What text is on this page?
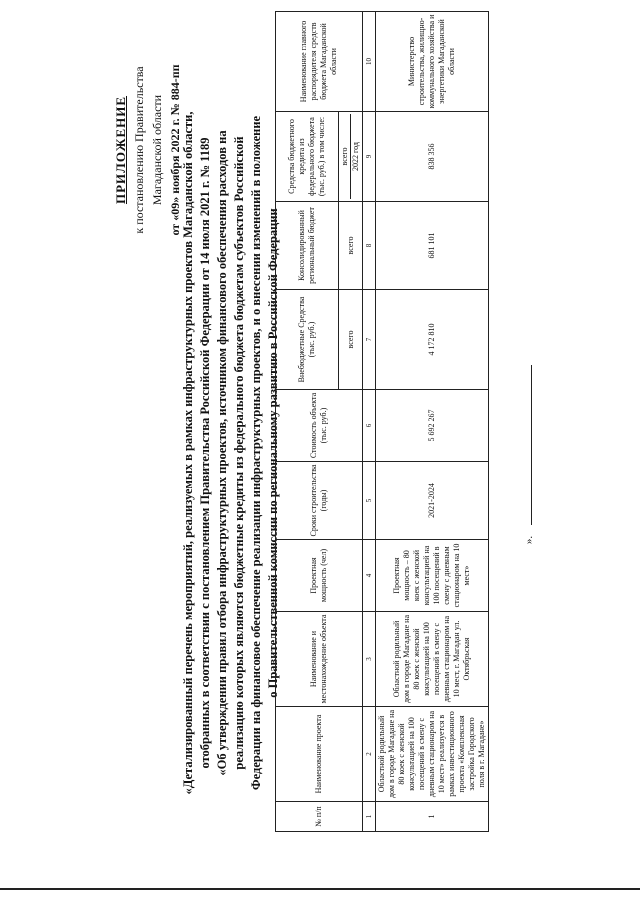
ПРИЛОЖЕНИЕ к постановлению Правительства Магаданской области от «09» ноября 2022 г. № 884-пп «Детализированный перечень мероприятий, реализуемых в рамках инфраструктурных проектов Магаданской области, отобранных в соответствии с постановлением Правительства Российской Федерации от 14 июля 2021 г. № 1189 «Об утверждении правил отбора инфраструктурных проектов, источником финансового обеспечения расходов на реализацию которых являются бюджетные кредиты из федерального бюджета бюджетам субъектов Российской Федерации на финансовое обеспечение реализации инфраструктурных проектов, и о внесении изменений в положение о Правительственной комиссии по региональному развитию в Российской Федерации
№ п/п	Наименование проекта	Наименование и местонахождение объекта	Проектная мощность (чел)	Сроки строительства (годы)	Стоимость объекта (тыс. руб.)	Внебюджетные Средства (тыс. руб.)	Консолидированный региональный бюджет	Средства бюджетного кредита из федерального бюджета (тыс. руб.) в том числе:	Наименование главного распорядителя средств бюджета Магаданской области
						всего	всего	всего 2022 год	

1	2	3	4	5	6	7	8	9	10
1	Областной родильный дом в городе Магадане на 80 коек с женской консультацией на 100 посещений в смену с дневным стационаром на 10 мест» реализуется в рамках инвестиционного проекта «Комплексная застройка Городского поля в г. Магадане»	Областной родильный дом в городе Магадане на 80 коек с женской консультацией на 100 посещений в смену с дневным стационаром на 10 мест, г. Магадан ул. Октябрьская	Проектная мощность – 80 коек с женской консультацией на 100 посещений в смену с дневным стационаром на 10 мест»	2021-2024	5 692 267	4 172 810	681 101	838 356	Министерство строительства, жилищно-коммунального хозяйства и энергетики Магаданской области
».
